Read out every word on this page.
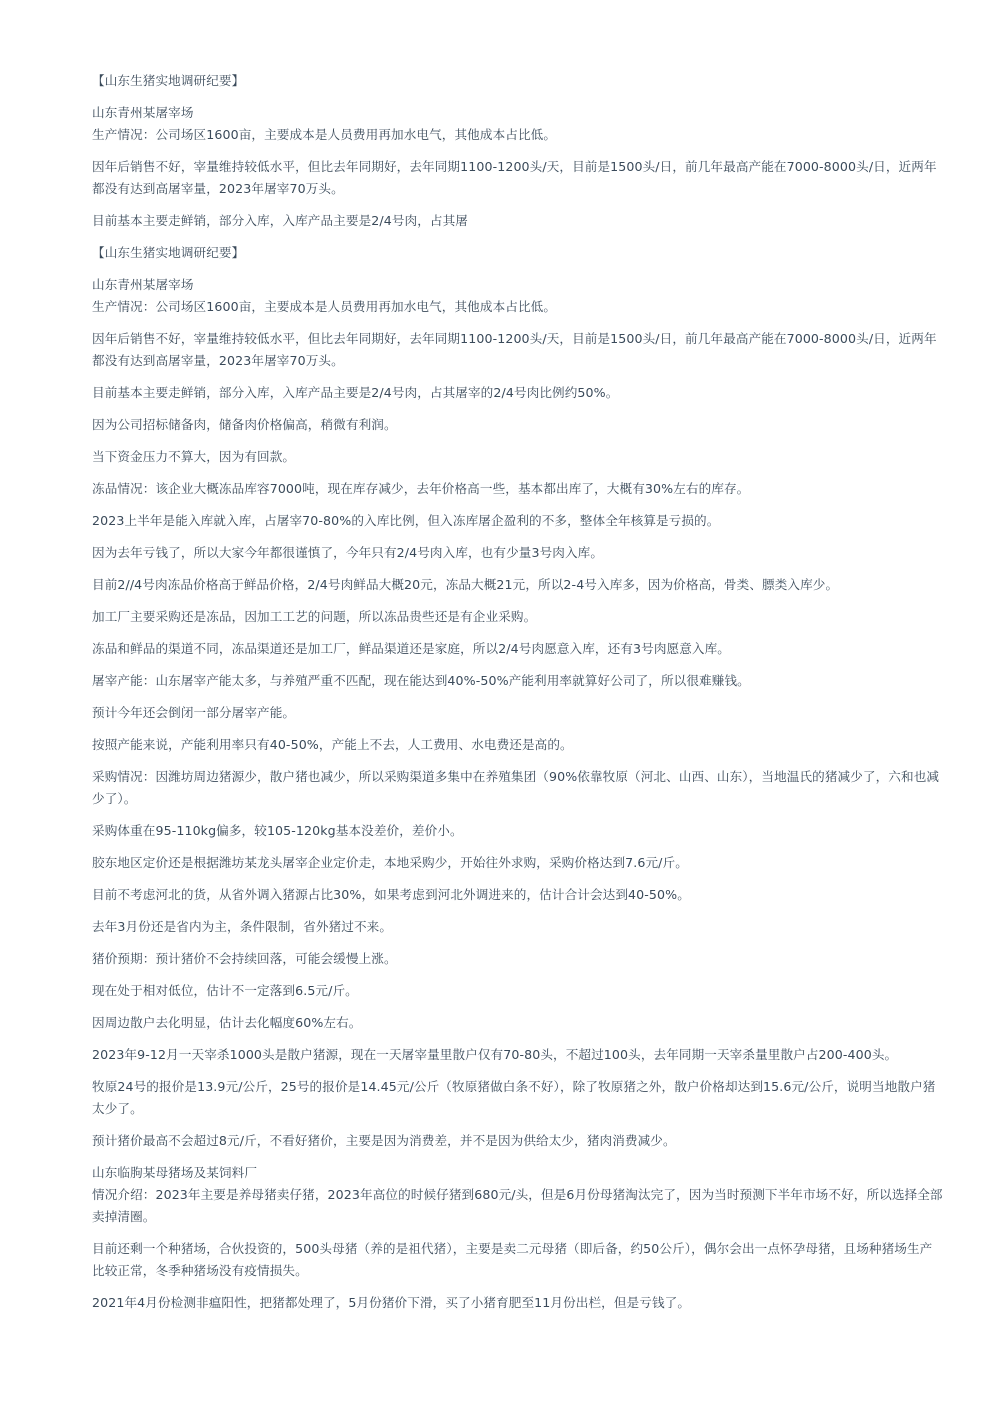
【山东生猪实地调研纪要】
山东青州某屠宰场
生产情况：公司场区1600亩，主要成本是人员费用再加水电气，其他成本占比低。
因年后销售不好，宰量维持较低水平，但比去年同期好，去年同期1100-1200头/天，目前是1500头/日，前几年最高产能在7000-8000头/日，近两年都没有达到高屠宰量，2023年屠宰70万头。
目前基本主要走鲜销，部分入库，入库产品主要是2/4号肉，占其屠
【山东生猪实地调研纪要】
山东青州某屠宰场
生产情况：公司场区1600亩，主要成本是人员费用再加水电气，其他成本占比低。
因年后销售不好，宰量维持较低水平，但比去年同期好，去年同期1100-1200头/天，目前是1500头/日，前几年最高产能在7000-8000头/日，近两年都没有达到高屠宰量，2023年屠宰70万头。
目前基本主要走鲜销，部分入库，入库产品主要是2/4号肉，占其屠宰的2/4号肉比例约50%。
因为公司招标储备肉，储备肉价格偏高，稍微有利润。
当下资金压力不算大，因为有回款。
冻品情况：该企业大概冻品库容7000吨，现在库存减少，去年价格高一些，基本都出库了，大概有30%左右的库存。
2023上半年是能入库就入库，占屠宰70-80%的入库比例，但入冻库屠企盈利的不多，整体全年核算是亏损的。
因为去年亏钱了，所以大家今年都很谨慎了，今年只有2/4号肉入库，也有少量3号肉入库。
目前2//4号肉冻品价格高于鲜品价格，2/4号肉鲜品大概20元，冻品大概21元，所以2-4号入库多，因为价格高，骨类、膘类入库少。
加工厂主要采购还是冻品，因加工工艺的问题，所以冻品贵些还是有企业采购。
冻品和鲜品的渠道不同，冻品渠道还是加工厂，鲜品渠道还是家庭，所以2/4号肉愿意入库，还有3号肉愿意入库。
屠宰产能：山东屠宰产能太多，与养殖严重不匹配，现在能达到40%-50%产能利用率就算好公司了，所以很难赚钱。
预计今年还会倒闭一部分屠宰产能。
按照产能来说，产能利用率只有40-50%，产能上不去，人工费用、水电费还是高的。
采购情况：因潍坊周边猪源少，散户猪也减少，所以采购渠道多集中在养殖集团（90%依靠牧原（河北、山西、山东），当地温氏的猪减少了，六和也减少了）。
采购体重在95-110kg偏多，较105-120kg基本没差价，差价小。
胶东地区定价还是根据潍坊某龙头屠宰企业定价走，本地采购少，开始往外求购，采购价格达到7.6元/斤。
目前不考虑河北的货，从省外调入猪源占比30%，如果考虑到河北外调进来的，估计合计会达到40-50%。
去年3月份还是省内为主，条件限制，省外猪过不来。
猪价预期：预计猪价不会持续回落，可能会缓慢上涨。
现在处于相对低位，估计不一定落到6.5元/斤。
因周边散户去化明显，估计去化幅度60%左右。
2023年9-12月一天宰杀1000头是散户猪源，现在一天屠宰量里散户仅有70-80头，不超过100头，去年同期一天宰杀量里散户占200-400头。
牧原24号的报价是13.9元/公斤，25号的报价是14.45元/公斤（牧原猪做白条不好），除了牧原猪之外，散户价格却达到15.6元/公斤，说明当地散户猪太少了。
预计猪价最高不会超过8元/斤，不看好猪价，主要是因为消费差，并不是因为供给太少，猪肉消费减少。
山东临朐某母猪场及某饲料厂
情况介绍：2023年主要是养母猪卖仔猪，2023年高位的时候仔猪到680元/头，但是6月份母猪淘汰完了，因为当时预测下半年市场不好，所以选择全部卖掉清圈。
目前还剩一个种猪场，合伙投资的，500头母猪（养的是祖代猪），主要是卖二元母猪（即后备，约50公斤），偶尔会出一点怀孕母猪，且场种猪场生产比较正常，冬季种猪场没有疫情损失。
2021年4月份检测非瘟阳性，把猪都处理了，5月份猪价下滑，买了小猪育肥至11月份出栏，但是亏钱了。
